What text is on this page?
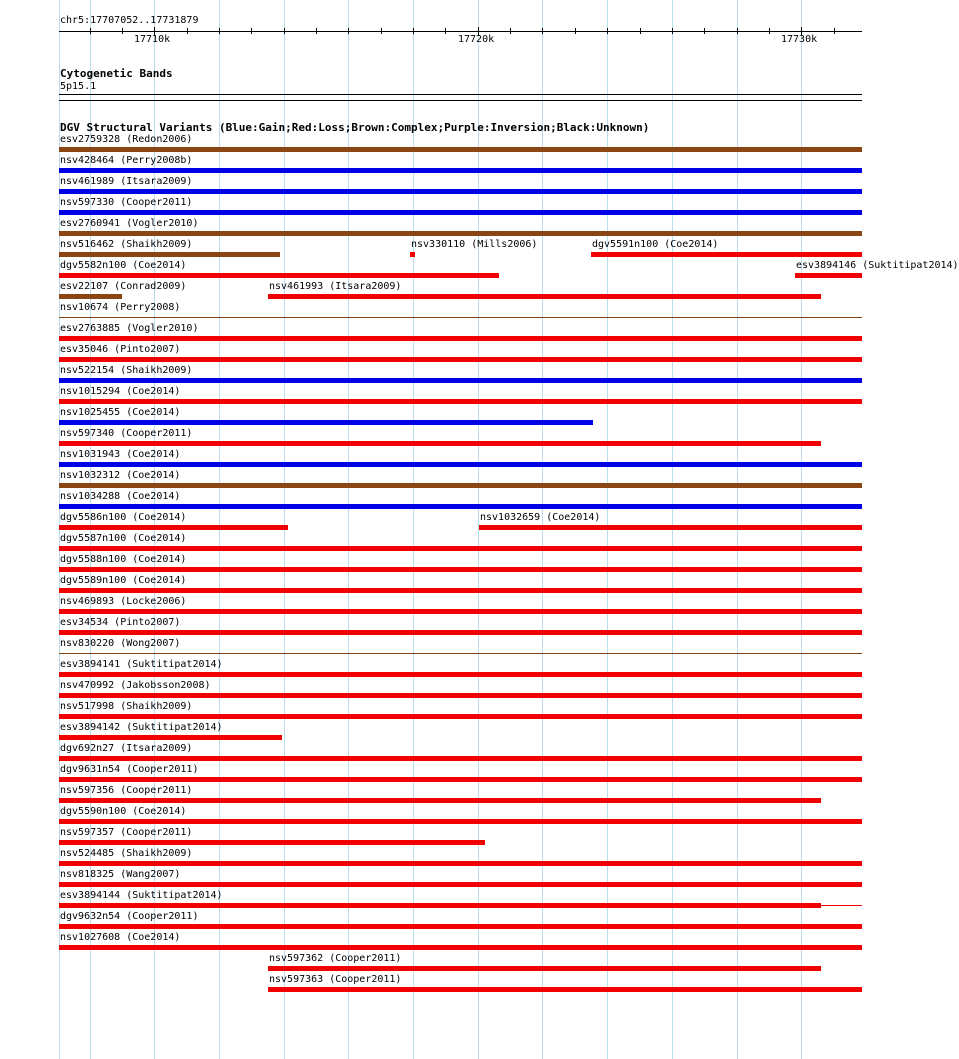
chr5:17707052..17731879
17710k	17720k	17730k
Cytogenetic Bands
5p15.1
DGV Structural Variants (Blue:Gain;Red:Loss;Brown:Complex;Purple:Inversion;Black:Unknown)
esv2759328 (Redon2006)
nsv428464 (Perry2008b)
nsv461989 (Itsara2009)
nsv597330 (Cooper2011)
esv2760941 (Vogler2010)
nsv516462 (Shaikh2009)	nsv330110 (Mills2006)	dgv5591n100 (Coe2014)
dgv5582n100 (Coe2014)	esv3894146 (Suktitipat2014)
esv22107 (Conrad2009)	nsv461993 (Itsara2009)
nsv10674 (Perry2008)
esv2763885 (Vogler2010)
esv35046 (Pinto2007)
nsv522154 (Shaikh2009)
nsv1015294 (Coe2014)
nsv1025455 (Coe2014)
nsv597340 (Cooper2011)
nsv1031943 (Coe2014)
nsv1032312 (Coe2014)
nsv1034288 (Coe2014)
dgv5586n100 (Coe2014)	nsv1032659 (Coe2014)
dgv5587n100 (Coe2014)
dgv5588n100 (Coe2014)
dgv5589n100 (Coe2014)
nsv469893 (Locke2006)
esv34534 (Pinto2007)
nsv830220 (Wong2007)
esv3894141 (Suktitipat2014)
nsv470992 (Jakobsson2008)
nsv517998 (Shaikh2009)
esv3894142 (Suktitipat2014)
dgv692n27 (Itsara2009)
dgv9631n54 (Cooper2011)
nsv597356 (Cooper2011)
dgv5590n100 (Coe2014)
nsv597357 (Cooper2011)
nsv524485 (Shaikh2009)
nsv818325 (Wang2007)
esv3894144 (Suktitipat2014)
dgv9632n54 (Cooper2011)
nsv1027608 (Coe2014)
nsv597362 (Cooper2011)
nsv597363 (Cooper2011)
